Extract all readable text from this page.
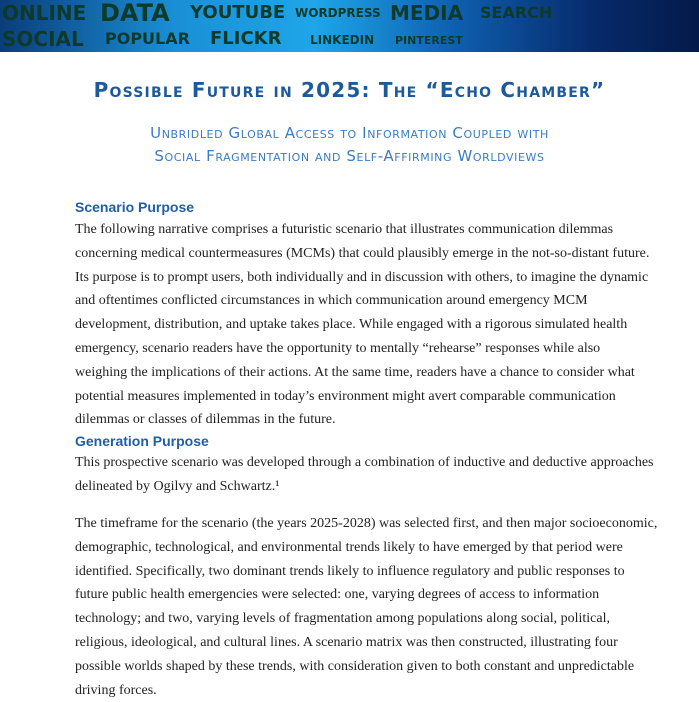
ONLINE DATA YOUTUBE WORDPRESS MEDIA SEARCH
SOCIAL POPULAR FLICKR LINKEDIN PINTEREST
Possible Future in 2025: The “Echo Chamber”
Unbridled Global Access to Information Coupled with
Social Fragmentation and Self-Affirming Worldviews
Scenario Purpose
The following narrative comprises a futuristic scenario that illustrates communication dilemmas
concerning medical countermeasures (MCMs) that could plausibly emerge in the not-so-distant future.
Its purpose is to prompt users, both individually and in discussion with others, to imagine the dynamic
and oftentimes conflicted circumstances in which communication around emergency MCM
development, distribution, and uptake takes place. While engaged with a rigorous simulated health
emergency, scenario readers have the opportunity to mentally “rehearse” responses while also
weighing the implications of their actions. At the same time, readers have a chance to consider what
potential measures implemented in today’s environment might avert comparable communication
dilemmas or classes of dilemmas in the future.
Generation Purpose
This prospective scenario was developed through a combination of inductive and deductive approaches
delineated by Ogilvy and Schwartz.¹
The timeframe for the scenario (the years 2025-2028) was selected first, and then major socioeconomic,
demographic, technological, and environmental trends likely to have emerged by that period were
identified. Specifically, two dominant trends likely to influence regulatory and public responses to
future public health emergencies were selected: one, varying degrees of access to information
technology; and two, varying levels of fragmentation among populations along social, political,
religious, ideological, and cultural lines. A scenario matrix was then constructed, illustrating four
possible worlds shaped by these trends, with consideration given to both constant and unpredictable
driving forces.
